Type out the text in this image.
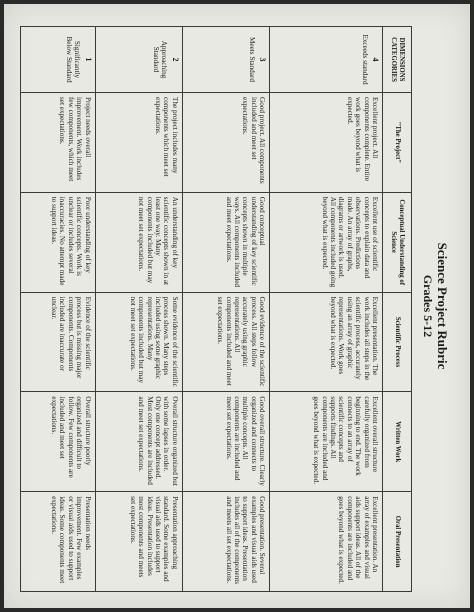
Science Project Rubric
Grades 5-12
DIMENSIONS CATEGORIES	"The Project"	Conceptual Understanding of Science	Scientific Process	Written Work	Oral Presentation

4
Exceeds standard	Excellent project. All components complete. Entire work goes beyond what is expected.	Excellent use of scientific concepts to explain data and observations. Predictions made. An array of graphs, diagrams or artwork is used. All components included going beyond what is expected.	Excellent presentation. The work includes all steps in the scientific process, accurately using an array of graphic representations. Work goes beyond what is expected.	Excellent overall structure carefully organized from beginning to end. The work connects to an array of scientific concepts and supports findings. All components are included and goes beyond what is expected.	Excellent presentation. An array of examples and visual aids support ideas. All of the components are included and goes beyond what is expected.

3
Meets Standard	Good project. All components included and meet set expectations.	Good conceptual understanding of key scientific concepts shown in multiple ways. All components included and meet expectations.	Good evidence of the scientific process. All steps follow accurately using graphic representations. All components included and meet set expectations.	Good overall structure. Clearly organized and connects to multiple concepts. All components are included and meet set expectations.	Good presentation. Several examples and visual aids used to support ideas. Presentation includes all of the components and meets all set expectations.

2
Approaching Standard	The project includes many components which meet set expectations.	An understanding of key scientific concepts shown in at least one way. Many components included but may not meet set expectations.	Some evidence of the scientific process shown. Many steps included using some graphic representations. Many components included but may not meet set expectations.	Overall structure organized but with some lapses in order. Only one concept addressed. Most components are included and meet set expectations.	Presentation approaching standard. Some examples and visual aids used to support ideas. Presentation includes most components and meets set expectations.

1
Significantly Below Standard	Project needs overall improvement. Work includes few components, which meet set expectations.	Poor understanding of key scientific concepts. Work is unclear or includes several inaccuracies. No attempt made to support ideas.	Evidence of the scientific process but is missing major components. Components included are inaccurate or unclear.	Overall structure poorly organized and difficult to follow. Few components are included and meet set expectations.	Presentation needs improvement. Few examples or visual aids used to support ideas. Some components meet expectations.
